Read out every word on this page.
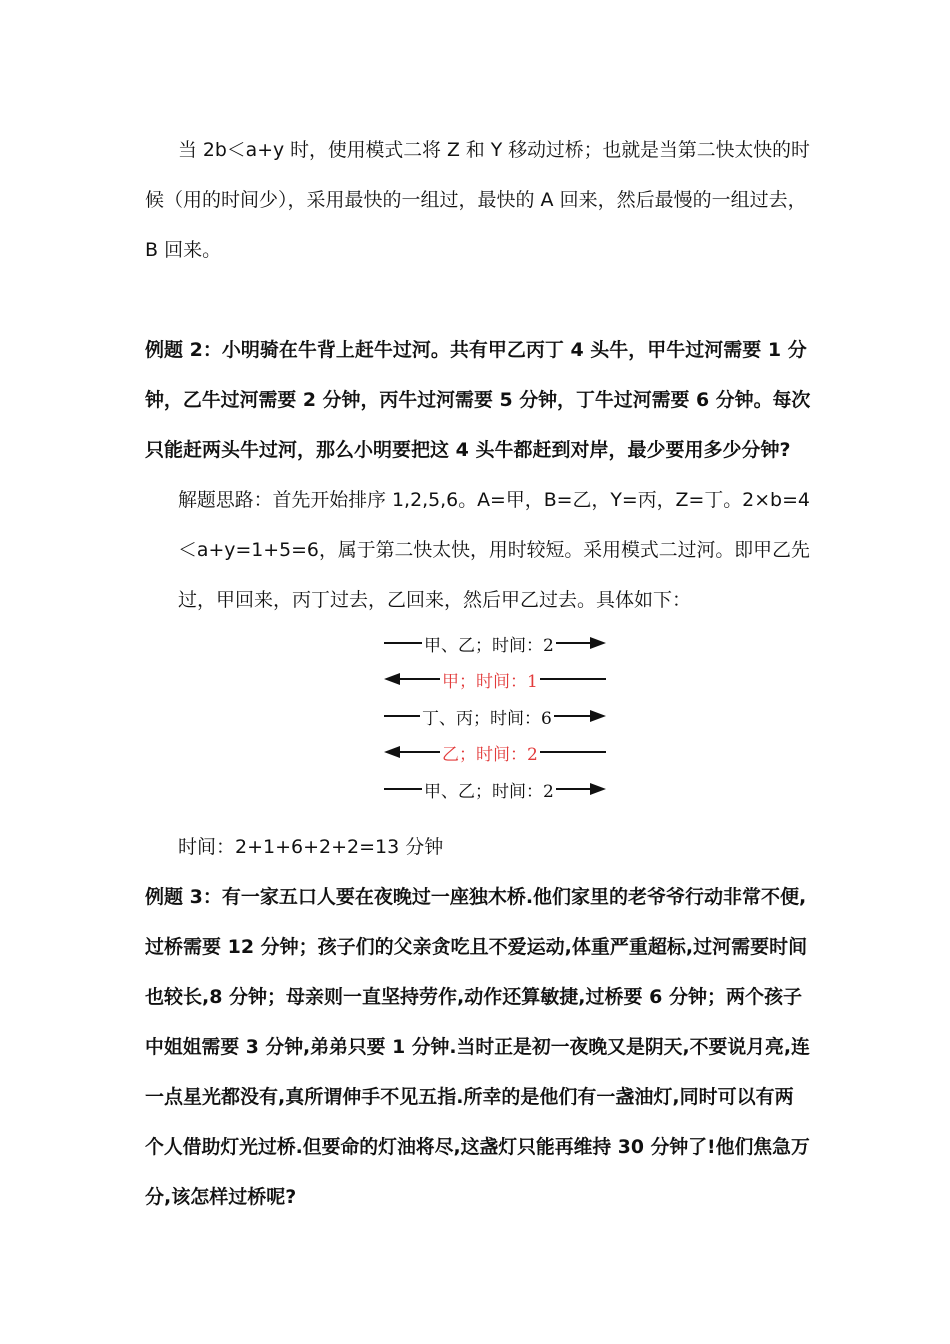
当 2b＜a+y 时，使用模式二将 Z 和 Y 移动过桥；也就是当第二快太快的时
候（用的时间少），采用最快的一组过，最快的 A 回来，然后最慢的一组过去，
B 回来。
例题 2：小明骑在牛背上赶牛过河。共有甲乙丙丁 4 头牛，甲牛过河需要 1 分
钟，乙牛过河需要 2 分钟，丙牛过河需要 5 分钟，丁牛过河需要 6 分钟。每次
只能赶两头牛过河，那么小明要把这 4 头牛都赶到对岸，最少要用多少分钟?
解题思路：首先开始排序 1,2,5,6。A=甲，B=乙，Y=丙，Z=丁。2×b=4
＜a+y=1+5=6，属于第二快太快，用时较短。采用模式二过河。即甲乙先
过，甲回来，丙丁过去，乙回来，然后甲乙过去。具体如下：
甲、乙；时间：2
甲；时间：1
丁、丙；时间：6
乙；时间：2
甲、乙；时间：2
时间：2+1+6+2+2=13 分钟
例题 3：有一家五口人要在夜晚过一座独木桥.他们家里的老爷爷行动非常不便,
过桥需要 12 分钟；孩子们的父亲贪吃且不爱运动,体重严重超标,过河需要时间
也较长,8 分钟；母亲则一直坚持劳作,动作还算敏捷,过桥要 6 分钟；两个孩子
中姐姐需要 3 分钟,弟弟只要 1 分钟.当时正是初一夜晚又是阴天,不要说月亮,连
一点星光都没有,真所谓伸手不见五指.所幸的是他们有一盏油灯,同时可以有两
个人借助灯光过桥.但要命的灯油将尽,这盏灯只能再维持 30 分钟了!他们焦急万
分,该怎样过桥呢?
